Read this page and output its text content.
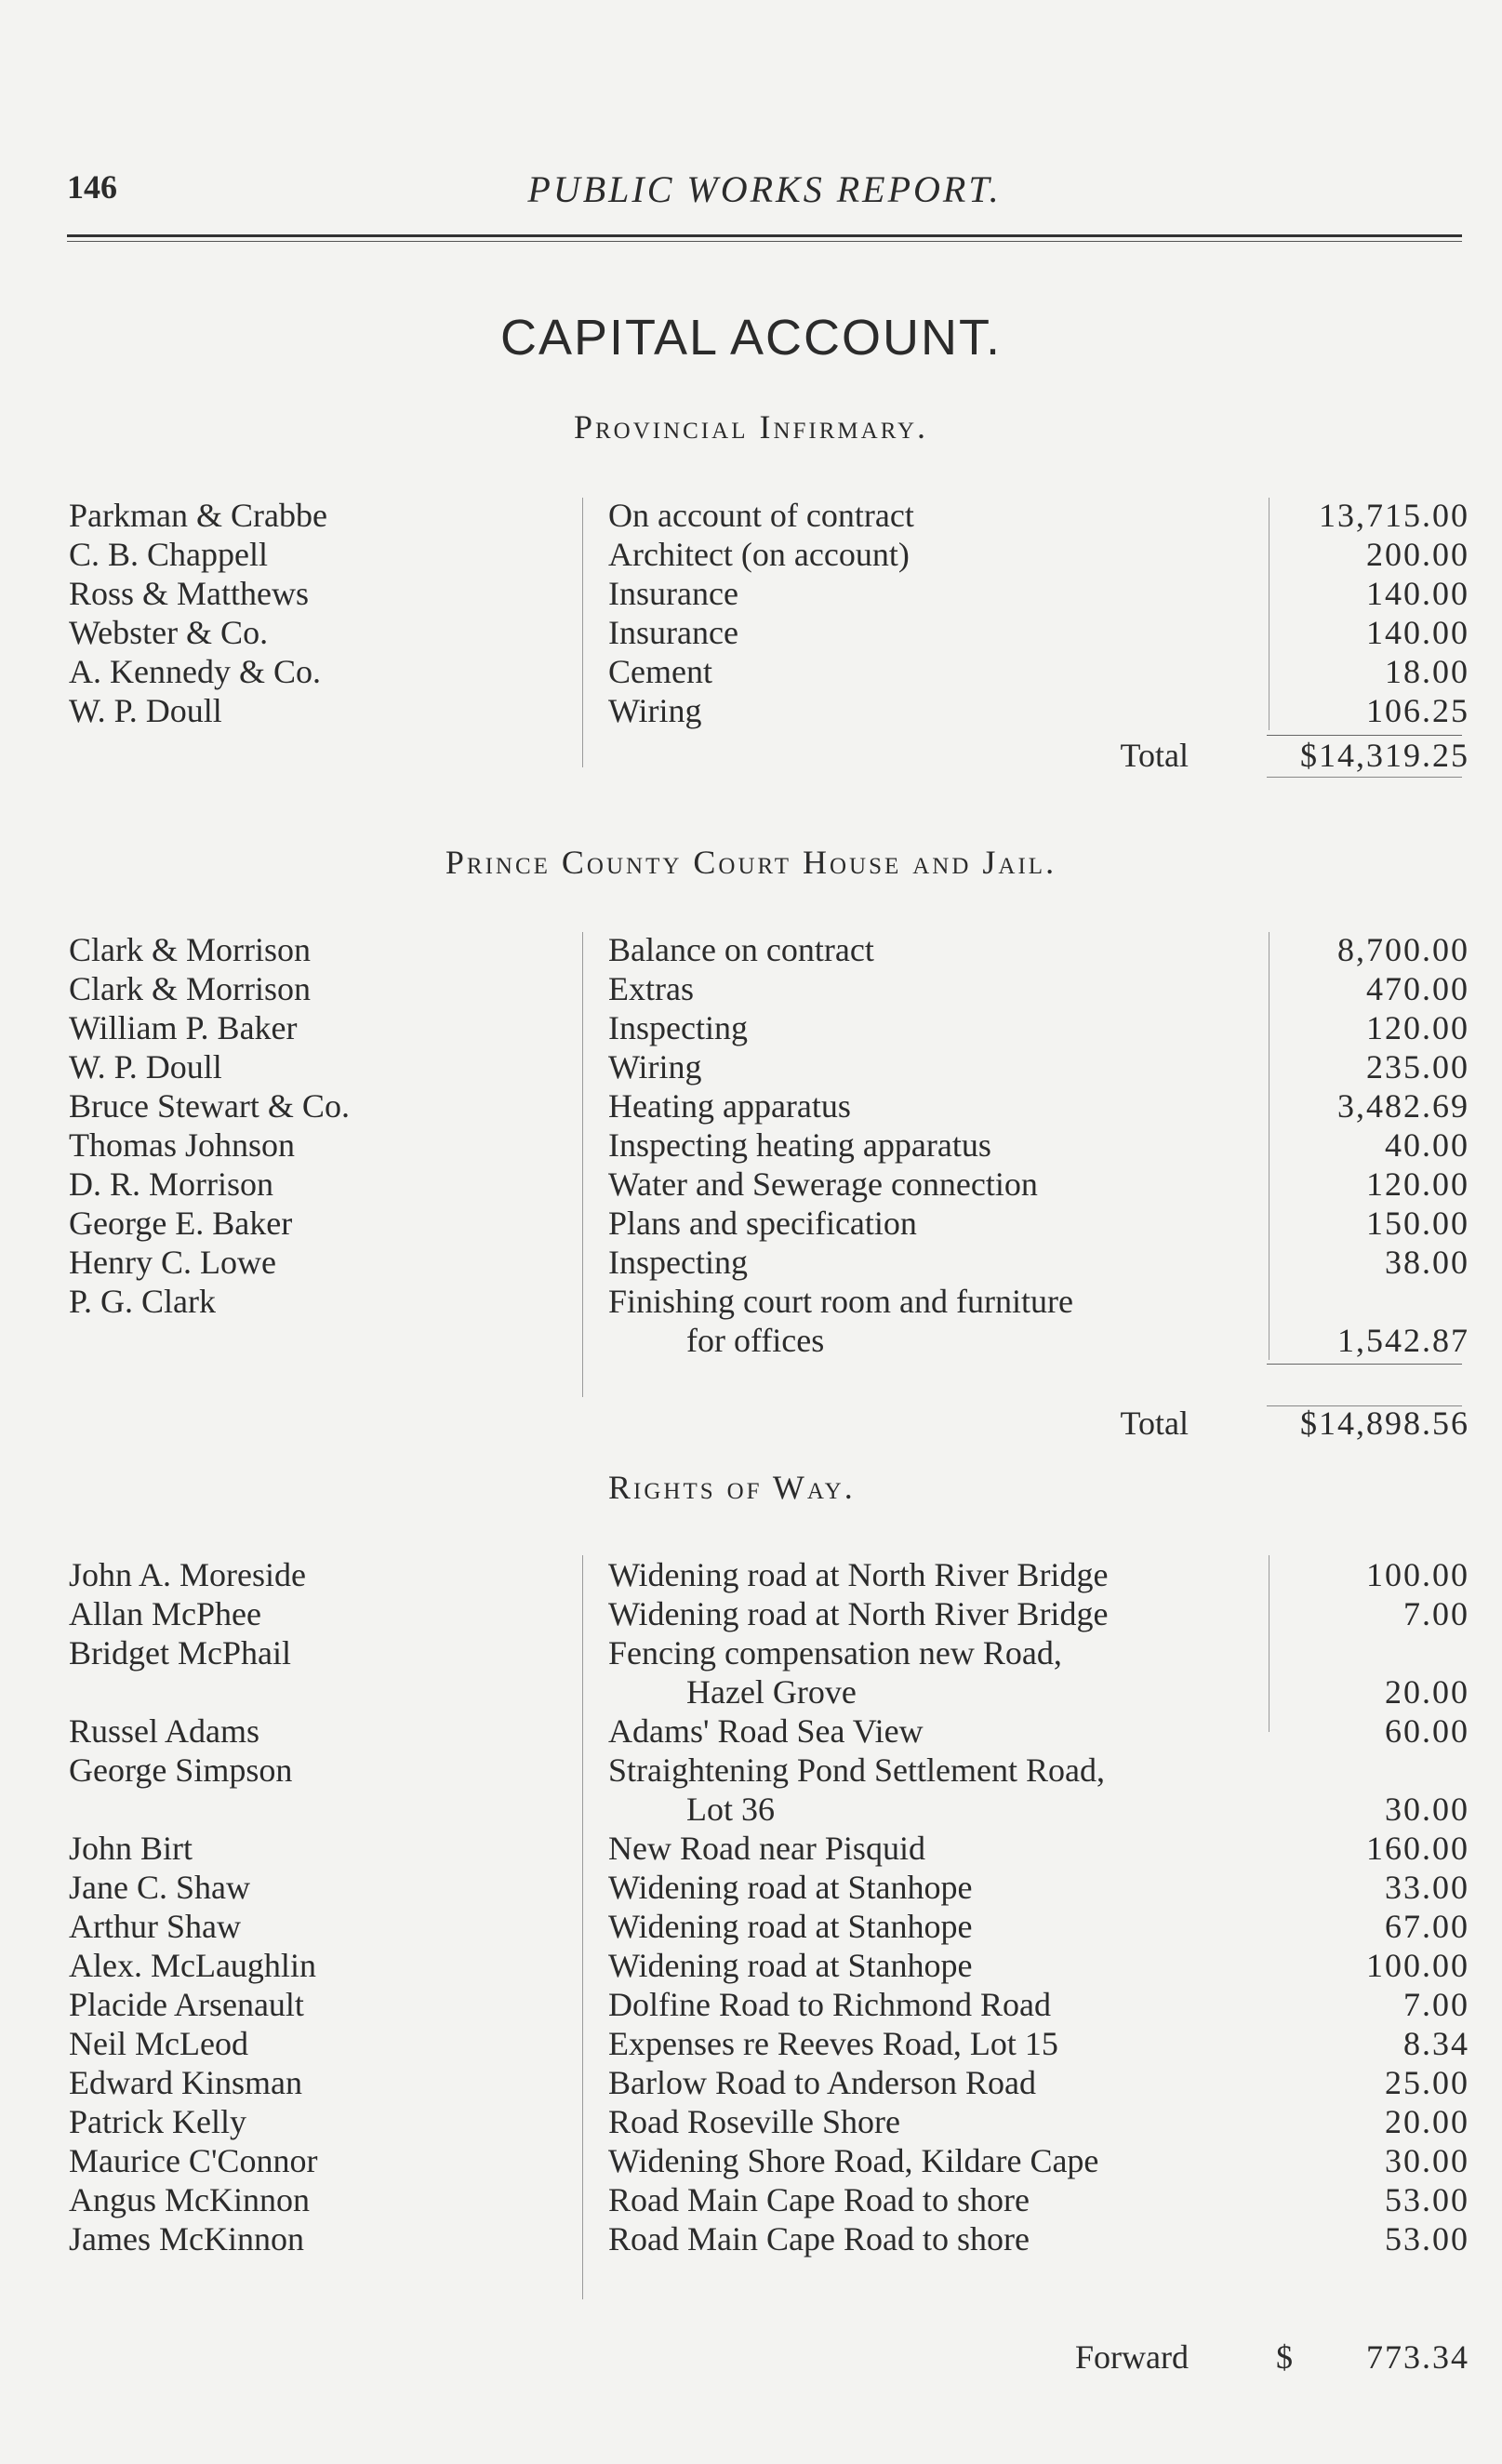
146	PUBLIC WORKS REPORT.
CAPITAL ACCOUNT.
Provincial Infirmary.
Parkman & Crabbe	On account of contract	13,715.00
C. B. Chappell	Architect (on account)	200.00
Ross & Matthews	Insurance	140.00
Webster & Co.	Insurance	140.00
A. Kennedy & Co.	Cement	18.00
W. P. Doull	Wiring	106.25
Total	$14,319.25
Prince County Court House and Jail.
Clark & Morrison	Balance on contract	8,700.00
Clark & Morrison	Extras	470.00
William P. Baker	Inspecting	120.00
W. P. Doull	Wiring	235.00
Bruce Stewart & Co.	Heating apparatus	3,482.69
Thomas Johnson	Inspecting heating apparatus	40.00
D. R. Morrison	Water and Sewerage connection	120.00
George E. Baker	Plans and specification	150.00
Henry C. Lowe	Inspecting	38.00
P. G. Clark	Finishing court room and furniture
for offices	1,542.87
Total	$14,898.56
Rights of Way.
John A. Moreside	Widening road at North River Bridge	100.00
Allan McPhee	Widening road at North River Bridge	7.00
Bridget McPhail	Fencing compensation new Road,
Hazel Grove	20.00
Russel Adams	Adams' Road Sea View	60.00
George Simpson	Straightening Pond Settlement Road,
Lot 36	30.00
John Birt	New Road near Pisquid	160.00
Jane C. Shaw	Widening road at Stanhope	33.00
Arthur Shaw	Widening road at Stanhope	67.00
Alex. McLaughlin	Widening road at Stanhope	100.00
Placide Arsenault	Dolfine Road to Richmond Road	7.00
Neil McLeod	Expenses re Reeves Road, Lot 15	8.34
Edward Kinsman	Barlow Road to Anderson Road	25.00
Patrick Kelly	Road Roseville Shore	20.00
Maurice C'Connor	Widening Shore Road, Kildare Cape	30.00
Angus McKinnon	Road Main Cape Road to shore	53.00
James McKinnon	Road Main Cape Road to shore	53.00
Forward	$ 773.34
